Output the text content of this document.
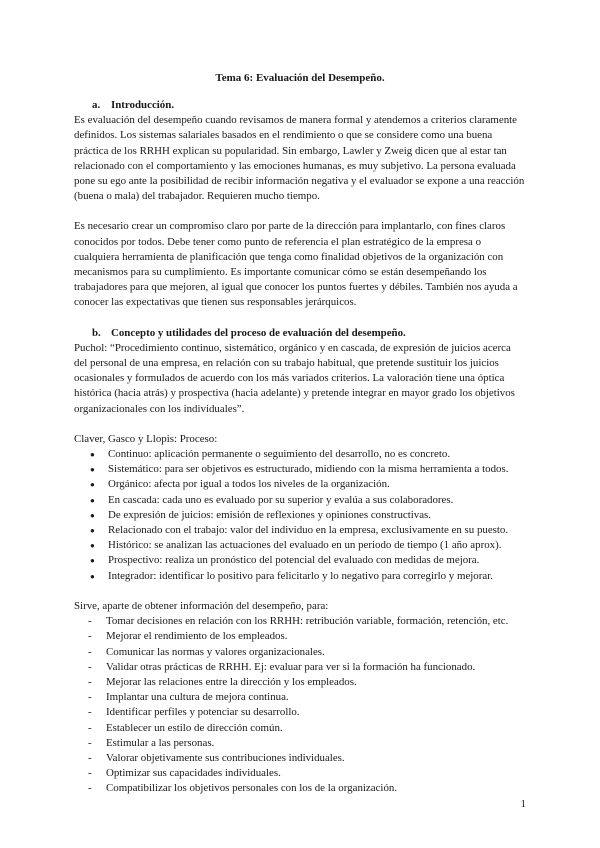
Tema 6: Evaluación del Desempeño.
a. Introducción.

Es evaluación del desempeño cuando revisamos de manera formal y atendemos a criterios claramente definidos. Los sistemas salariales basados en el rendimiento o que se considere como una buena práctica de los RRHH explican su popularidad. Sin embargo, Lawler y Zweig dicen que al estar tan relacionado con el comportamiento y las emociones humanas, es muy subjetivo. La persona evaluada pone su ego ante la posibilidad de recibir información negativa y el evaluador se expone a una reacción (buena o mala) del trabajador. Requieren mucho tiempo.

Es necesario crear un compromiso claro por parte de la dirección para implantarlo, con fines claros conocidos por todos. Debe tener como punto de referencia el plan estratégico de la empresa o cualquiera herramienta de planificación que tenga como finalidad objetivos de la organización con mecanismos para su cumplimiento. Es importante comunicar cómo se están desempeñando los trabajadores para que mejoren, al igual que conocer los puntos fuertes y débiles. También nos ayuda a conocer las expectativas que tienen sus responsables jerárquicos.

b. Concepto y utilidades del proceso de evaluación del desempeño.

Puchol: “Procedimiento continuo, sistemático, orgánico y en cascada, de expresión de juicios acerca del personal de una empresa, en relación con su trabajo habitual, que pretende sustituir los juicios ocasionales y formulados de acuerdo con los más variados criterios. La valoración tiene una óptica histórica (hacia atrás) y prospectiva (hacia adelante) y pretende integrar en mayor grado los objetivos organizacionales con los individuales”.

Claver, Gasco y Llopis: Proceso:

●	Continuo: aplicación permanente o seguimiento del desarrollo, no es concreto.
●	Sistemático: para ser objetivos es estructurado, midiendo con la misma herramienta a todos.
●	Orgánico: afecta por igual a todos los niveles de la organización.
●	En cascada: cada uno es evaluado por su superior y evalúa a sus colaboradores.
●	De expresión de juicios: emisión de reflexiones y opiniones constructivas.
●	Relacionado con el trabajo: valor del individuo en la empresa, exclusivamente en su puesto.
●	Histórico: se analizan las actuaciones del evaluado en un periodo de tiempo (1 año aprox).
●	Prospectivo: realiza un pronóstico del potencial del evaluado con medidas de mejora.
●	Integrador: identificar lo positivo para felicitarlo y lo negativo para corregirlo y mejorar.

Sirve, aparte de obtener información del desempeño, para:

-	Tomar decisiones en relación con los RRHH: retribución variable, formación, retención, etc.
-	Mejorar el rendimiento de los empleados.
-	Comunicar las normas y valores organizacionales.
-	Validar otras prácticas de RRHH. Ej: evaluar para ver si la formación ha funcionado.
-	Mejorar las relaciones entre la dirección y los empleados.
-	Implantar una cultura de mejora continua.
-	Identificar perfiles y potenciar su desarrollo.
-	Establecer un estilo de dirección común.
-	Estimular a las personas.
-	Valorar objetivamente sus contribuciones individuales.
-	Optimizar sus capacidades individuales.
-	Compatibilizar los objetivos personales con los de la organización.
1
